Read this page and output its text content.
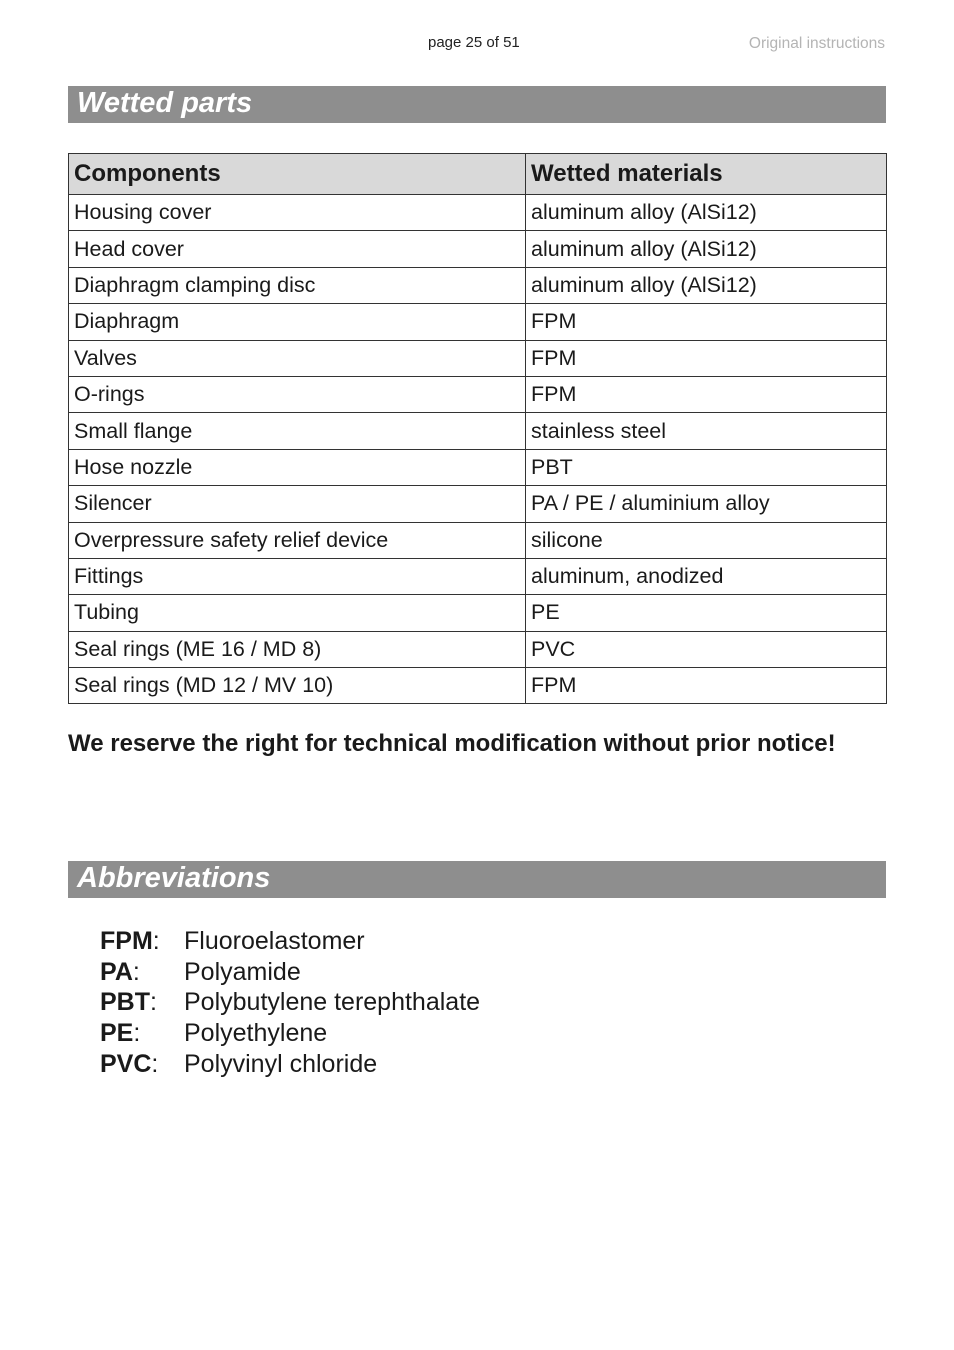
page 25 of 51	Original instructions
Wetted parts
Components	Wetted materials
Housing cover	aluminum alloy (AlSi12)
Head cover	aluminum alloy (AlSi12)
Diaphragm clamping disc	aluminum alloy (AlSi12)
Diaphragm	FPM
Valves	FPM
O-rings	FPM
Small flange	stainless steel
Hose nozzle	PBT
Silencer	PA / PE / aluminium alloy
Overpressure safety relief device	silicone
Fittings	aluminum, anodized
Tubing	PE
Seal rings (ME 16 / MD 8)	PVC
Seal rings (MD 12 / MV 10)	FPM
We reserve the right for technical modification without prior notice!
Abbreviations
FPM: Fluoroelastomer
PA: Polyamide
PBT: Polybutylene terephthalate
PE: Polyethylene
PVC: Polyvinyl chloride
